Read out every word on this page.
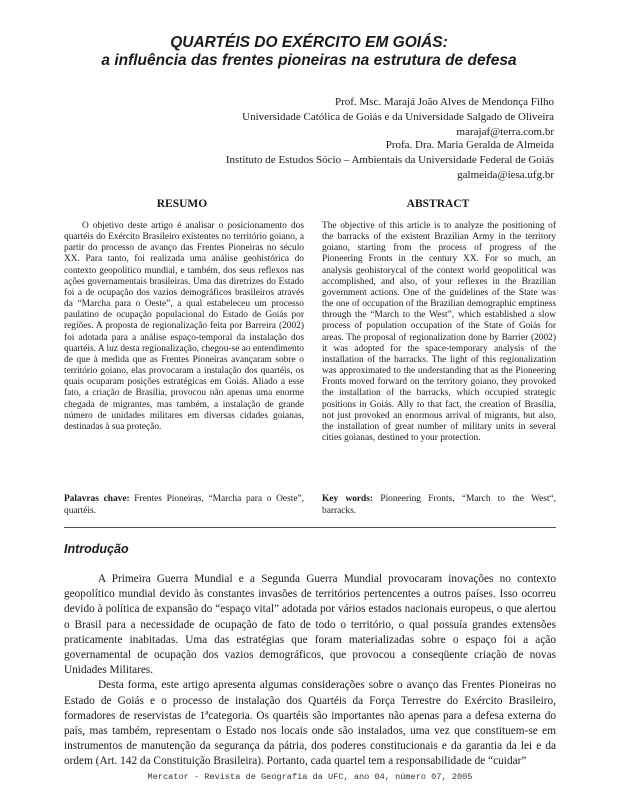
QUARTÉIS DO EXÉRCITO EM GOIÁS:
a influência das frentes pioneiras na estrutura de defesa
Prof. Msc. Marajá João Alves de Mendonça Filho
Universidade Católica de Goiás e da Universidade Salgado de Oliveira
marajaf@terra.com.br
Profa. Dra. Maria Geralda de Almeida
Instituto de Estudos Sócio – Ambientais da Universidade Federal de Goiás
galmeida@iesa.ufg.br
RESUMO	ABSTRACT
O objetivo deste artigo é analisar o posicionamento dos quartéis do Exército Brasileiro existentes no território goiano, a partir do processo de avanço das Frentes Pioneiras no século XX. Para tanto, foi realizada uma análise geohistórica do contexto geopolítico mundial, e também, dos seus reflexos nas ações governamentais brasileiras. Uma das diretrizes do Estado foi a de ocupação dos vazios demográficos brasileiros através da “Marcha para o Oeste”, a qual estabeleceu um processo paulatino de ocupação populacional do Estado de Goiás por regiões. A proposta de regionalização feita por Barreira (2002) foi adotada para a análise espaço-temporal da instalação dos quartéis. A luz desta regionalização, chegou-se ao entendimento de que à medida que as Frentes Pioneiras avançaram sobre o território goiano, elas provocaram a instalação dos quartéis, os quais ocuparam posições estratégicas em Goiás. Aliado a esse fato, a criação de Brasília, provocou não apenas uma enorme chegada de migrantes, mas também, a instalação de grande número de unidades militares em diversas cidades goianas, destinadas à sua proteção.
The objective of this article is to analyze the positioning of the barracks of the existent Brazilian Army in the territory goiano, starting from the process of progress of the Pioneering Fronts in the century XX. For so much, an analysis geohistorycal of the context world geopolitical was accomplished, and also, of your reflexes in the Brazilian government actions. One of the guidelines of the State was the one of occupation of the Brazilian demographic emptiness through the “March to the West”, which established a slow process of population occupation of the State of Goiás for areas. The proposal of regionalization done by Barrier (2002) it was adopted for the space-temporary analysis of the installation of the barracks. The light of this regionalization was approximated to the understanding that as the Pioneering Fronts moved forward on the territory goiano, they provoked the installation of the barracks, which occupied strategic positions in Goiás. Ally to that fact, the creation of Brasília, not just provoked an enormous arrival of migrants, but also, the installation of great number of military units in several cities goianas, destined to your protection.
Palavras chave: Frentes Pioneiras, “Marcha para o Oeste”, quartéis.
Key words: Pioneering Fronts, “March to the West“, barracks.
Introdução

A Primeira Guerra Mundial e a Segunda Guerra Mundial provocaram inovações no contexto geopolítico mundial devido às constantes invasões de territórios pertencentes a outros países. Isso ocorreu devido à política de expansão do “espaço vital” adotada por vários estados nacionais europeus, o que alertou o Brasil para a necessidade de ocupação de fato de todo o território, o qual possuía grandes extensões praticamente inabitadas. Uma das estratégias que foram materializadas sobre o espaço foi a ação governamental de ocupação dos vazios demográficos, que provocou a conseqüente criação de novas Unidades Militares.

Desta forma, este artigo apresenta algumas considerações sobre o avanço das Frentes Pioneiras no Estado de Goiás e o processo de instalação dos Quartéis da Força Terrestre do Exército Brasileiro, formadores de reservistas de 1ªcategoria. Os quartéis são importantes não apenas para a defesa externa do país, mas também, representam o Estado nos locais onde são instalados, uma vez que constituem-se em instrumentos de manutenção da segurança da pátria, dos poderes constitucionais e da garantia da lei e da ordem (Art. 142 da Constituição Brasileira). Portanto, cada quartel tem a responsabilidade de “cuidar”

Mercator - Revista de Geografia da UFC, ano 04, número 07, 2005
